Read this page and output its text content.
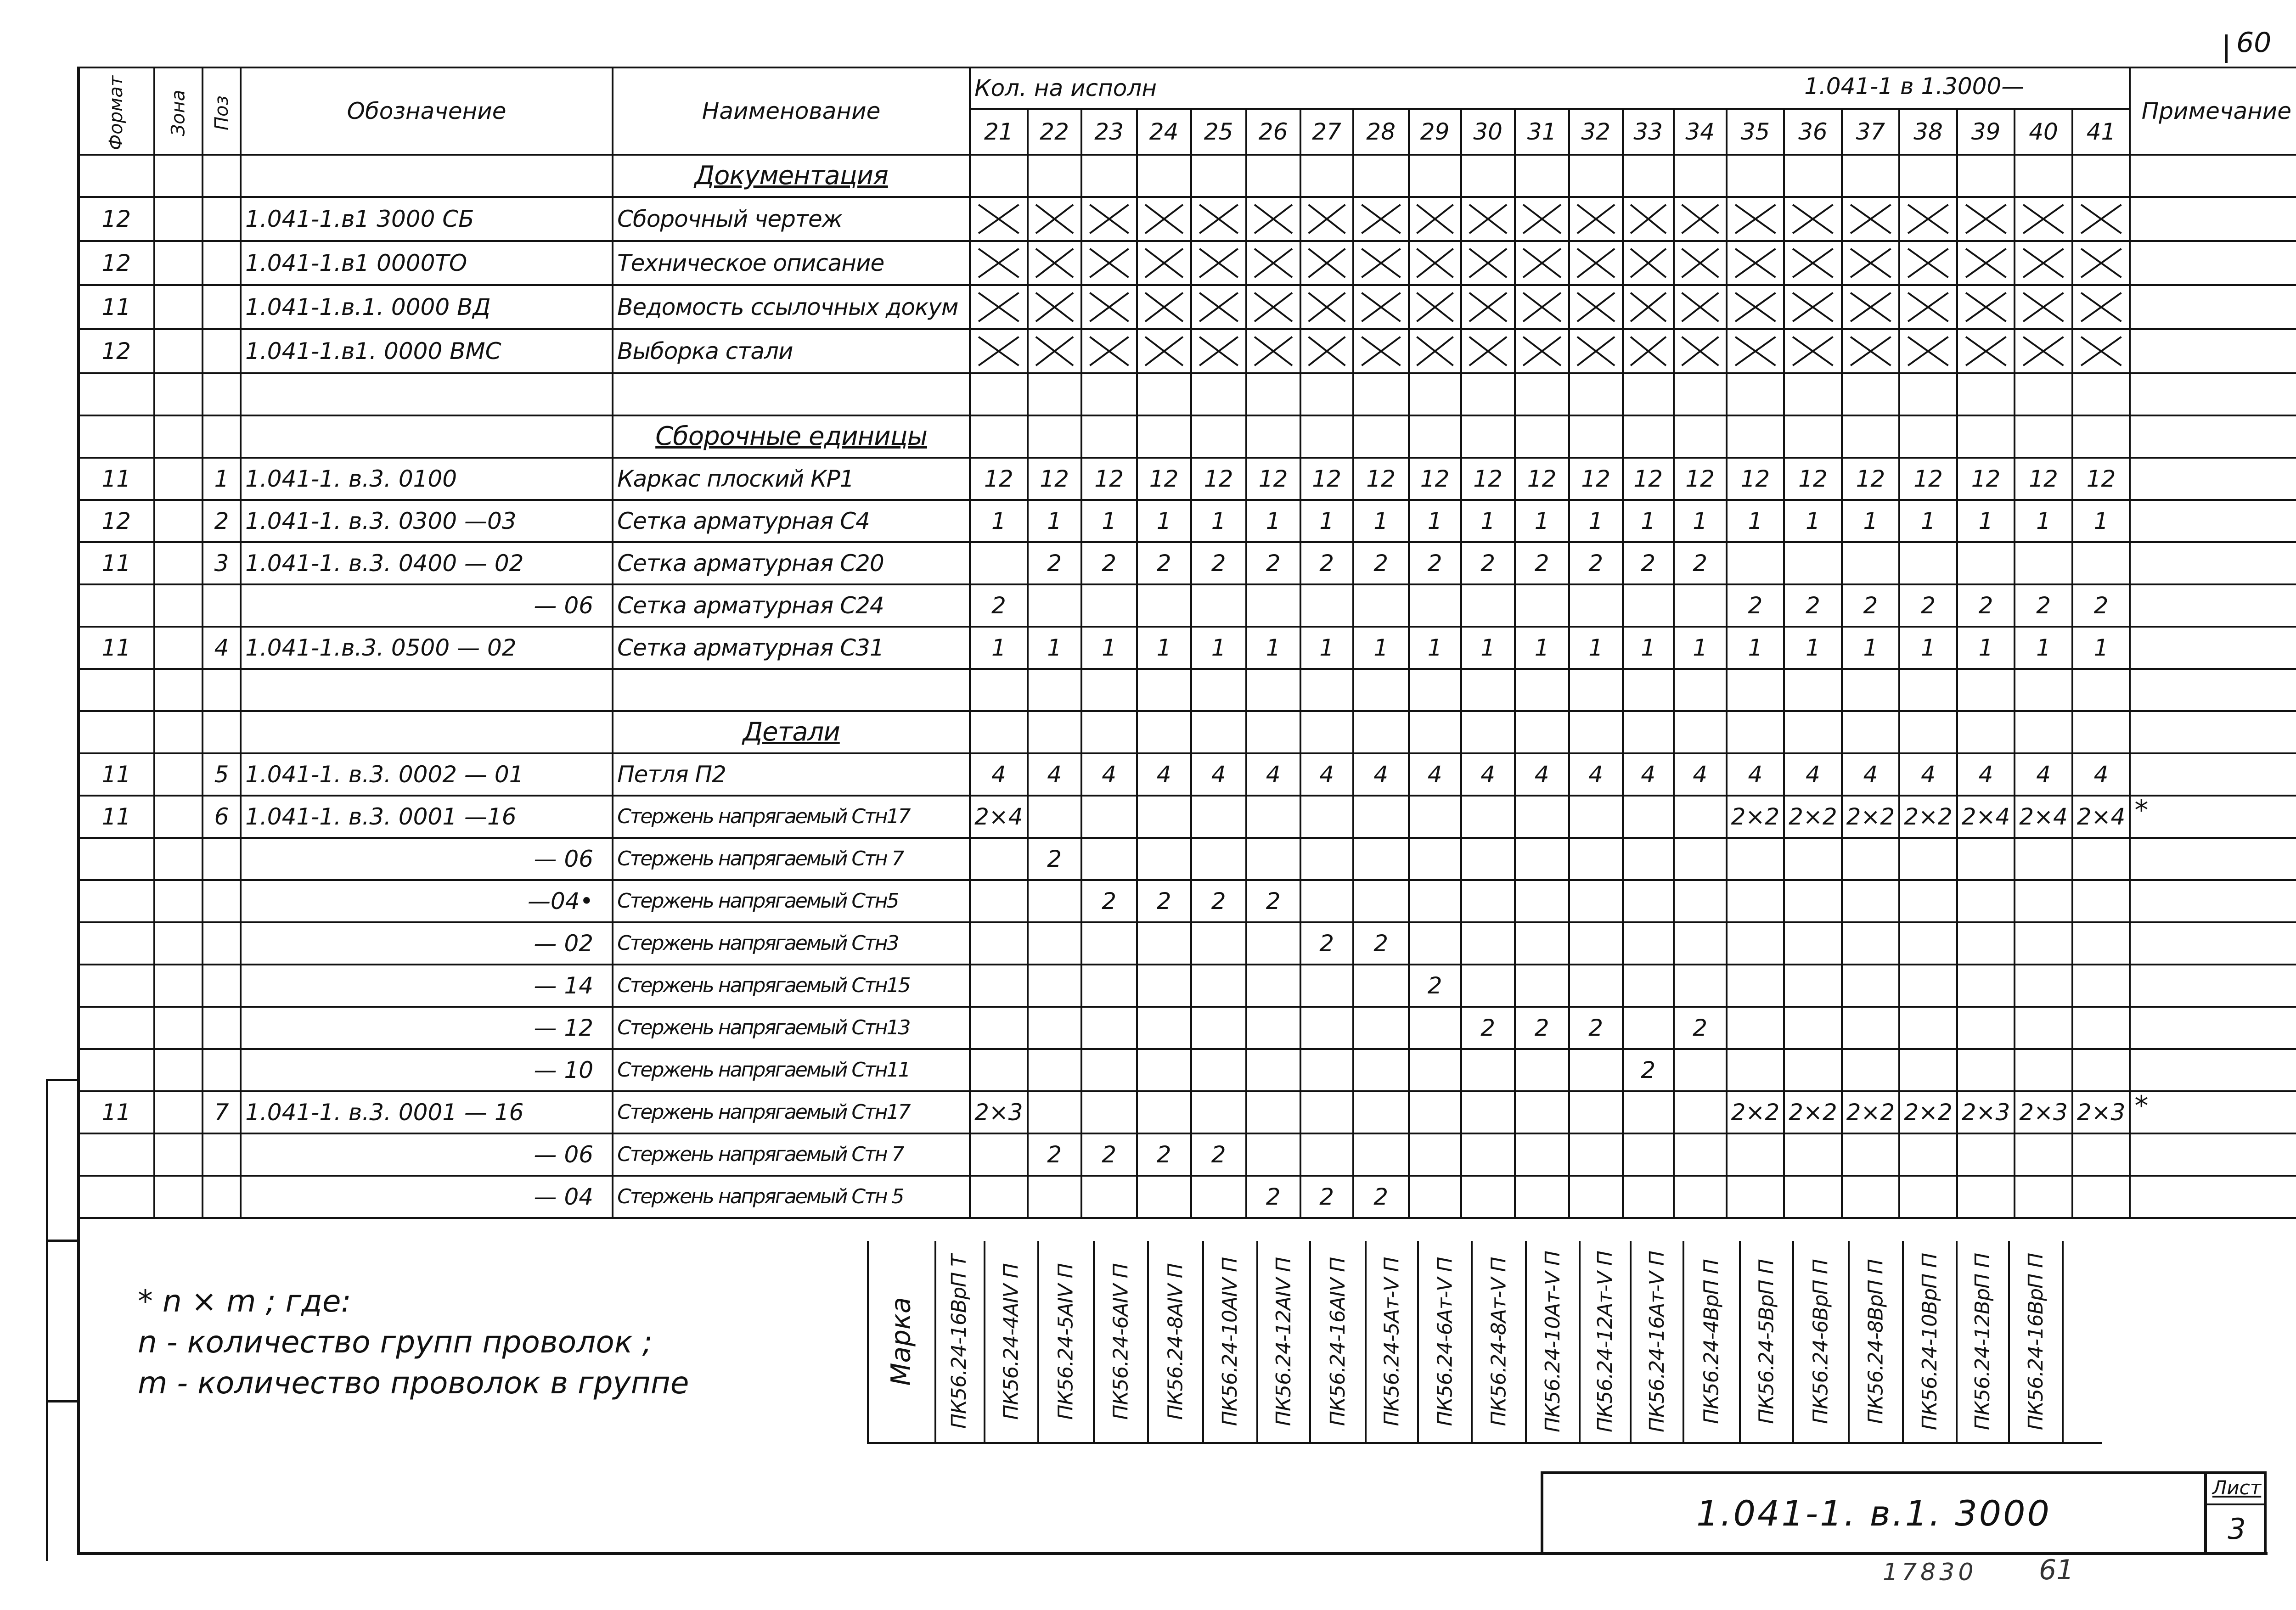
60
Формат	Зона	Поз	Обозначение	Наименование	Кол. на исполн 1.041-1 в 1.3000—																					Примечание
					21	22	23	24	25	26	27	28	29	30	31	32	33	34	35	36	37	38	39	40	41	
				Документация																						
12			1.041-1.в1 3000 СБ	Сборочный чертеж	

12			1.041-1.в1 0000ТО	Техническое описание	

11			1.041-1.в.1. 0000 ВД	Ведомость ссылочных докум	

12			1.041-1.в1. 0000 ВМС	Выборка стали	

				Сборочные единицы																						
11		1	1.041-1. в.3. 0100	Каркас плоский КР1	12	12	12	12	12	12	12	12	12	12	12	12	12	12	12	12	12	12	12	12	12	
12		2	1.041-1. в.3. 0300 —03	Сетка арматурная С4	1	1	1	1	1	1	1	1	1	1	1	1	1	1	1	1	1	1	1	1	1	
11		3	1.041-1. в.3. 0400 — 02	Сетка арматурная С20		2	2	2	2	2	2	2	2	2	2	2	2	2								
			— 06	Сетка арматурная С24	2														2	2	2	2	2	2	2	
11		4	1.041-1.в.3. 0500 — 02	Сетка арматурная С31	1	1	1	1	1	1	1	1	1	1	1	1	1	1	1	1	1	1	1	1	1	

				Детали																						
11		5	1.041-1. в.3. 0002 — 01	Петля П2	4	4	4	4	4	4	4	4	4	4	4	4	4	4	4	4	4	4	4	4	4	
11		6	1.041-1. в.3. 0001 —16	Стержень напрягаемый Стн17	2×4														2×2	2×2	2×2	2×2	2×4	2×4	2×4	*
			— 06	Стержень напрягаемый Стн 7		2																				
			—04•	Стержень напрягаемый Стн5			2	2	2	2																
			— 02	Стержень напрягаемый Стн3							2	2														
			— 14	Стержень напрягаемый Стн15									2													
			— 12	Стержень напрягаемый Стн13										2	2	2		2								
			— 10	Стержень напрягаемый Стн11													2									
11		7	1.041-1. в.3. 0001 — 16	Стержень напрягаемый Стн17	2×3														2×2	2×2	2×2	2×2	2×3	2×3	2×3	*
			— 06	Стержень напрягаемый Стн 7		2	2	2	2																	
			— 04	Стержень напрягаемый Стн 5						2	2	2														
* n × m ; где:
n - количество групп проволок ;
m - количество проволок в группе	Марка ПК56.24-16ВрП Т ПК56.24-4АIV П ПК56.24-5АIV П ПК56.24-6АIV П ПК56.24-8АIV П ПК56.24-10АIV П ПК56.24-12АIV П ПК56.24-16АIV П ПК56.24-5Ат-V П ПК56.24-6Ат-V П ПК56.24-8Ат-V П ПК56.24-10Ат-V П ПК56.24-12Ат-V П ПК56.24-16Ат-V П ПК56.24-4ВрП П ПК56.24-5ВрП П ПК56.24-6ВрП П ПК56.24-8ВрП П ПК56.24-10ВрП П ПК56.24-12ВрП П ПК56.24-16ВрП П
1.041-1. в.1. 3000
Лист
3
17830 61
